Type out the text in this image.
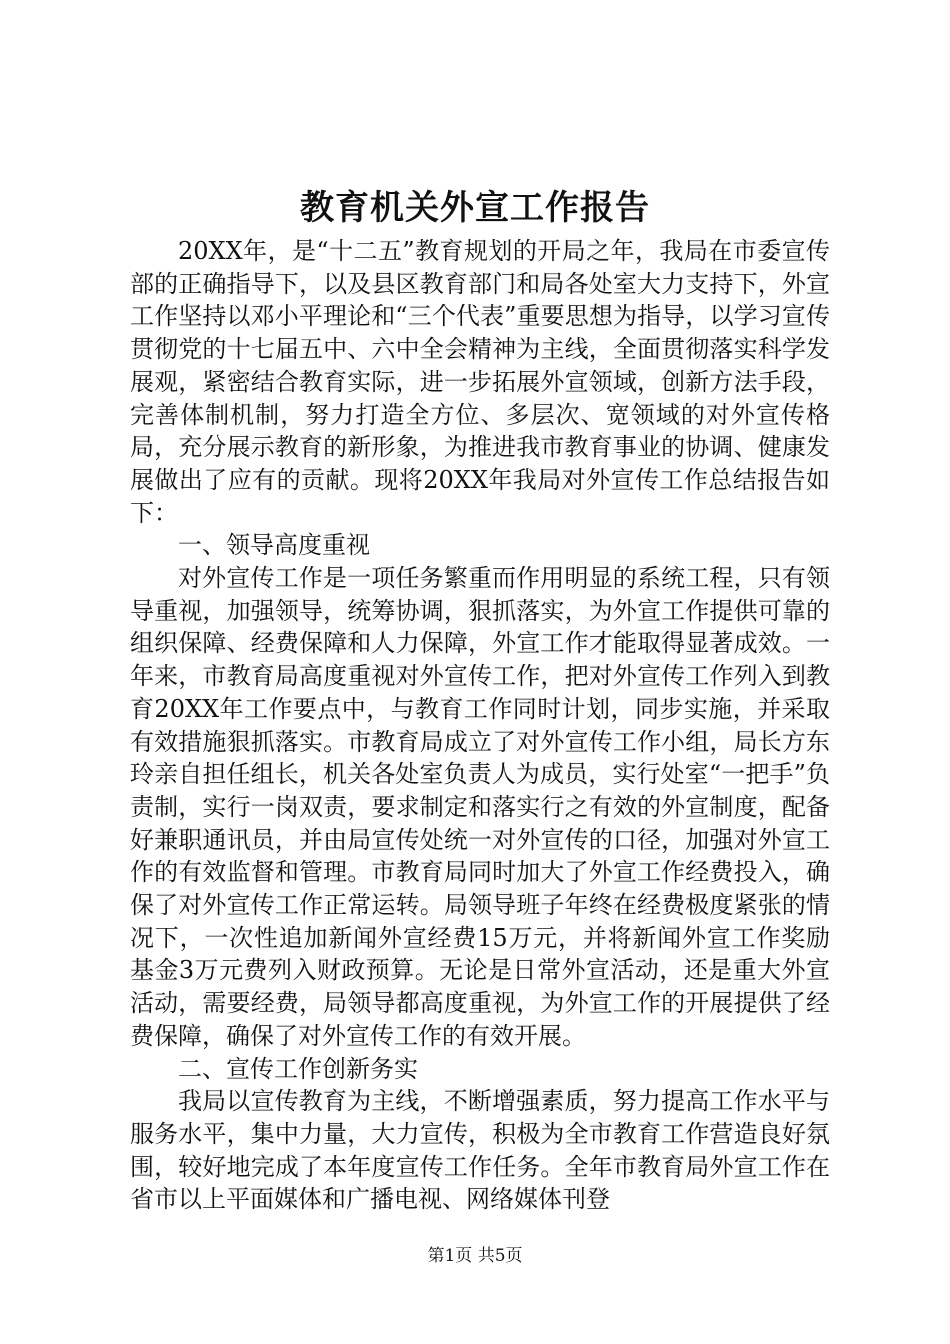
教育机关外宣工作报告

20XX年，是“十二五”教育规划的开局之年，我局在市委宣传部的正确指导下，以及县区教育部门和局各处室大力支持下，外宣工作坚持以邓小平理论和“三个代表”重要思想为指导，以学习宣传贯彻党的十七届五中、六中全会精神为主线，全面贯彻落实科学发展观，紧密结合教育实际，进一步拓展外宣领域，创新方法手段，完善体制机制，努力打造全方位、多层次、宽领域的对外宣传格局，充分展示教育的新形象，为推进我市教育事业的协调、健康发展做出了应有的贡献。现将20XX年我局对外宣传工作总结报告如下：

一、领导高度重视

对外宣传工作是一项任务繁重而作用明显的系统工程，只有领导重视，加强领导，统筹协调，狠抓落实，为外宣工作提供可靠的组织保障、经费保障和人力保障，外宣工作才能取得显著成效。一年来，市教育局高度重视对外宣传工作，把对外宣传工作列入到教育20XX年工作要点中，与教育工作同时计划，同步实施，并采取有效措施狠抓落实。市教育局成立了对外宣传工作小组，局长方东玲亲自担任组长，机关各处室负责人为成员，实行处室“一把手”负责制，实行一岗双责，要求制定和落实行之有效的外宣制度，配备好兼职通讯员，并由局宣传处统一对外宣传的口径，加强对外宣工作的有效监督和管理。市教育局同时加大了外宣工作经费投入，确保了对外宣传工作正常运转。局领导班子年终在经费极度紧张的情况下，一次性追加新闻外宣经费15万元，并将新闻外宣工作奖励基金3万元费列入财政预算。无论是日常外宣活动，还是重大外宣活动，需要经费，局领导都高度重视，为外宣工作的开展提供了经费保障，确保了对外宣传工作的有效开展。

二、宣传工作创新务实

我局以宣传教育为主线，不断增强素质，努力提高工作水平与服务水平，集中力量，大力宣传，积极为全市教育工作营造良好氛围，较好地完成了本年度宣传工作任务。全年市教育局外宣工作在省市以上平面媒体和广播电视、网络媒体刊登

第1页 共5页
